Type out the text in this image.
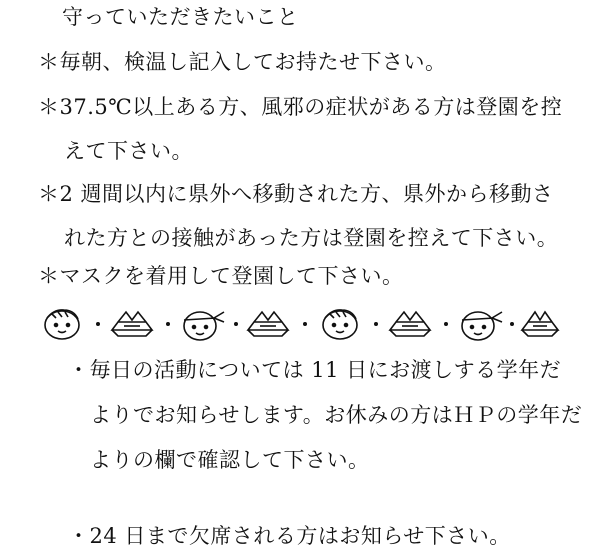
守っていただきたいこと
＊毎朝、検温し記入してお持たせ下さい。
＊37.5℃以上ある方、風邪の症状がある方は登園を控
えて下さい。
＊2 週間以内に県外へ移動された方、県外から移動さ
れた方との接触があった方は登園を控えて下さい。
＊マスクを着用して登園して下さい。
・毎日の活動については 11 日にお渡しする学年だ
よりでお知らせします。お休みの方はＨＰの学年だ
よりの欄で確認して下さい。
・24 日まで欠席される方はお知らせ下さい。
